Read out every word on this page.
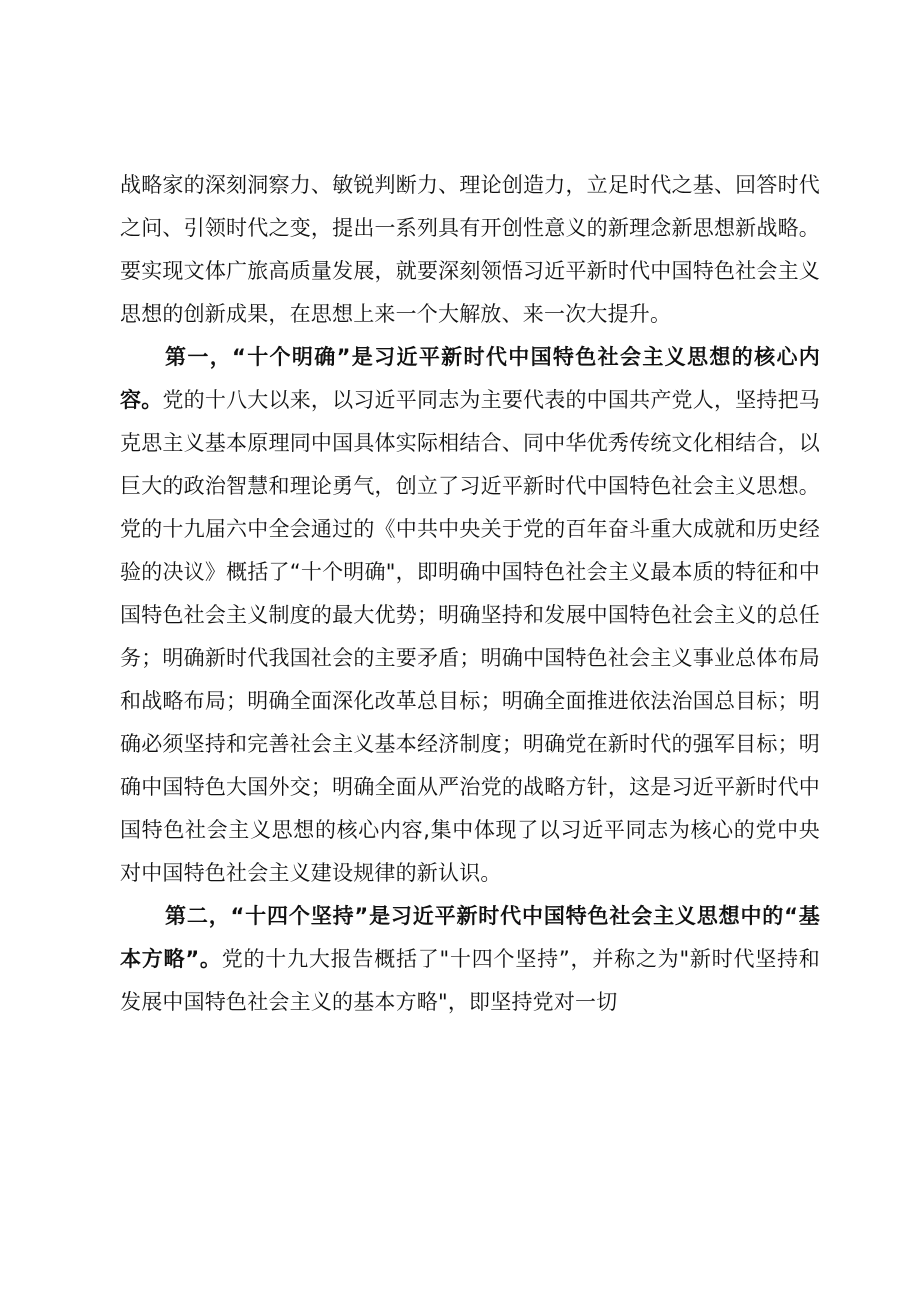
战略家的深刻洞察力、敏锐判断力、理论创造力，立足时代之基、回答时代之问、引领时代之变，提出一系列具有开创性意义的新理念新思想新战略。要实现文体广旅高质量发展，就要深刻领悟习近平新时代中国特色社会主义思想的创新成果，在思想上来一个大解放、来一次大提升。

第一，“十个明确”是习近平新时代中国特色社会主义思想的核心内容。党的十八大以来，以习近平同志为主要代表的中国共产党人，坚持把马克思主义基本原理同中国具体实际相结合、同中华优秀传统文化相结合，以巨大的政治智慧和理论勇气，创立了习近平新时代中国特色社会主义思想。党的十九届六中全会通过的《中共中央关于党的百年奋斗重大成就和历史经验的决议》概括了“十个明确"，即明确中国特色社会主义最本质的特征和中国特色社会主义制度的最大优势；明确坚持和发展中国特色社会主义的总任务；明确新时代我国社会的主要矛盾；明确中国特色社会主义事业总体布局和战略布局；明确全面深化改革总目标；明确全面推进依法治国总目标；明确必须坚持和完善社会主义基本经济制度；明确党在新时代的强军目标；明确中国特色大国外交；明确全面从严治党的战略方针，这是习近平新时代中国特色社会主义思想的核心内容,集中体现了以习近平同志为核心的党中央对中国特色社会主义建设规律的新认识。

第二，“十四个坚持”是习近平新时代中国特色社会主义思想中的“基本方略”。党的十九大报告概括了"十四个坚持”，并称之为"新时代坚持和发展中国特色社会主义的基本方略"，即坚持党对一切
